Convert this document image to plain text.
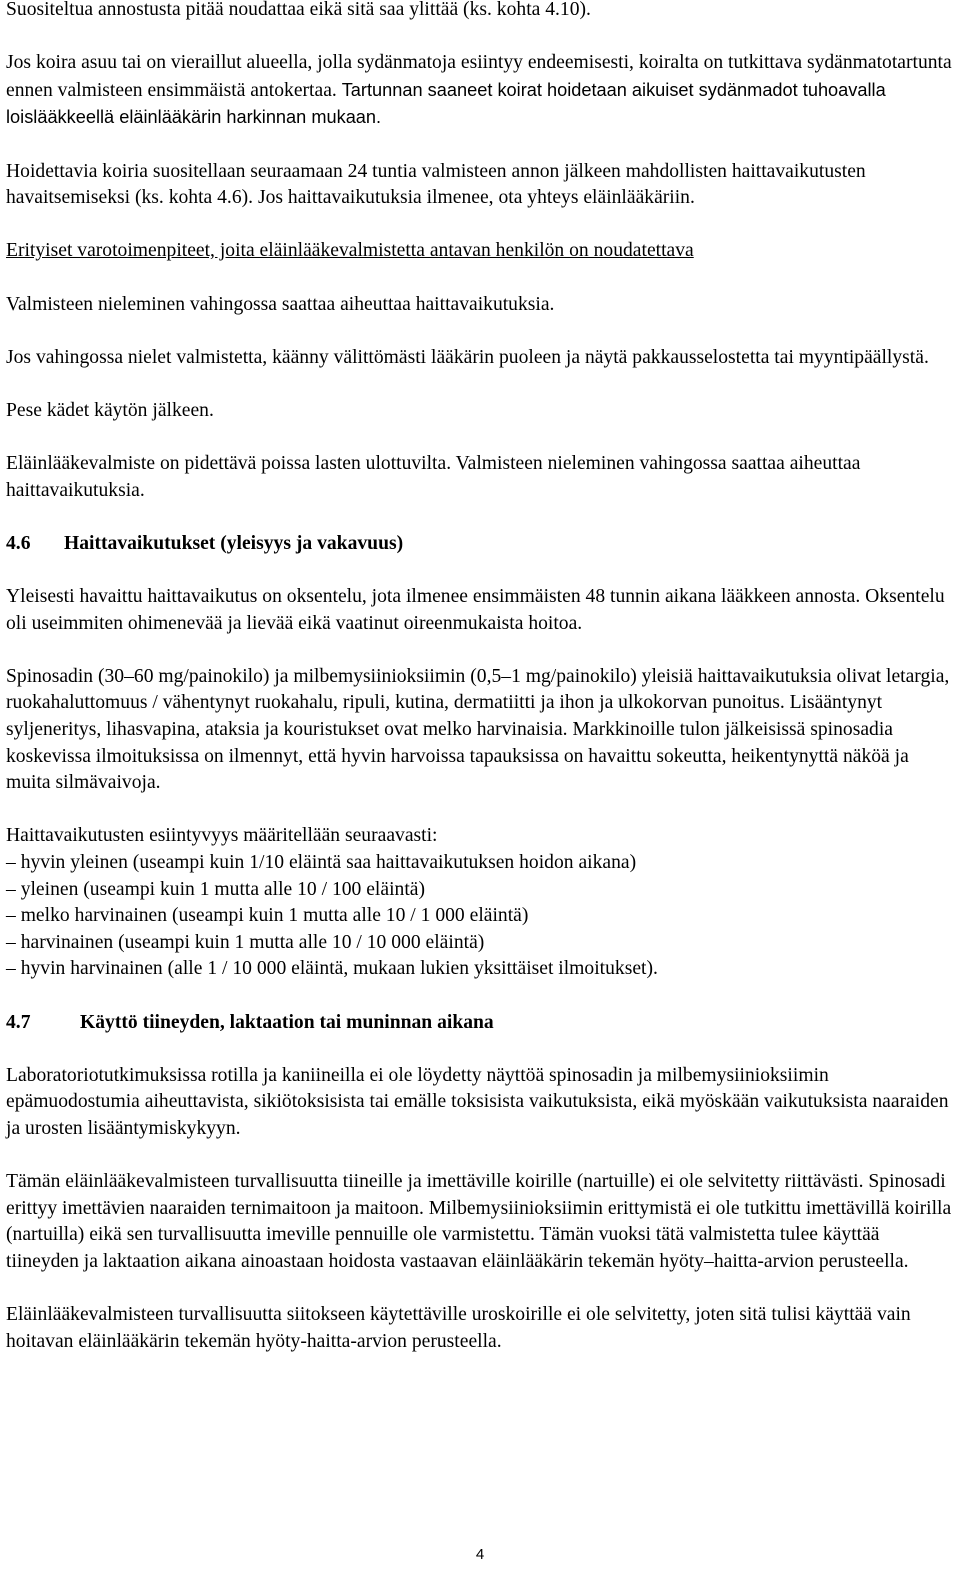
Suositeltua annostusta pitää noudattaa eikä sitä saa ylittää (ks. kohta 4.10).

Jos koira asuu tai on vieraillut alueella, jolla sydänmatoja esiintyy endeemisesti, koiralta on tutkittava sydänmatotartunta ennen valmisteen ensimmäistä antokertaa. Tartunnan saaneet koirat hoidetaan aikuiset sydänmadot tuhoavalla loislääkkeellä eläinlääkärin harkinnan mukaan.

Hoidettavia koiria suositellaan seuraamaan 24 tuntia valmisteen annon jälkeen mahdollisten haittavaikutusten havaitsemiseksi (ks. kohta 4.6). Jos haittavaikutuksia ilmenee, ota yhteys eläinlääkäriin.

Erityiset varotoimenpiteet, joita eläinlääkevalmistetta antavan henkilön on noudatettava

Valmisteen nieleminen vahingossa saattaa aiheuttaa haittavaikutuksia.

Jos vahingossa nielet valmistetta, käänny välittömästi lääkärin puoleen ja näytä pakkausselostetta tai myyntipäällystä.

Pese kädet käytön jälkeen.

Eläinlääkevalmiste on pidettävä poissa lasten ulottuvilta. Valmisteen nieleminen vahingossa saattaa aiheuttaa haittavaikutuksia.

4.6 Haittavaikutukset (yleisyys ja vakavuus)

Yleisesti havaittu haittavaikutus on oksentelu, jota ilmenee ensimmäisten 48 tunnin aikana lääkkeen annosta. Oksentelu oli useimmiten ohimenevää ja lievää eikä vaatinut oireenmukaista hoitoa.

Spinosadin (30–60 mg/painokilo) ja milbemysiinioksiimin (0,5–1 mg/painokilo) yleisiä haittavaikutuksia olivat letargia, ruokahaluttomuus / vähentynyt ruokahalu, ripuli, kutina, dermatiitti ja ihon ja ulkokorvan punoitus. Lisääntynyt syljeneritys, lihasvapina, ataksia ja kouristukset ovat melko harvinaisia. Markkinoille tulon jälkeisissä spinosadia koskevissa ilmoituksissa on ilmennyt, että hyvin harvoissa tapauksissa on havaittu sokeutta, heikentynyttä näköä ja muita silmävaivoja.

Haittavaikutusten esiintyvyys määritellään seuraavasti:
– hyvin yleinen (useampi kuin 1/10 eläintä saa haittavaikutuksen hoidon aikana)
– yleinen (useampi kuin 1 mutta alle 10 / 100 eläintä)
– melko harvinainen (useampi kuin 1 mutta alle 10 / 1 000 eläintä)
– harvinainen (useampi kuin 1 mutta alle 10 / 10 000 eläintä)
– hyvin harvinainen (alle 1 / 10 000 eläintä, mukaan lukien yksittäiset ilmoitukset).

4.7	Käyttö tiineyden, laktaation tai muninnan aikana

Laboratoriotutkimuksissa rotilla ja kaniineilla ei ole löydetty näyttöä spinosadin ja milbemysiinioksiimin epämuodostumia aiheuttavista, sikiötoksisista tai emälle toksisista vaikutuksista, eikä myöskään vaikutuksista naaraiden ja urosten lisääntymiskykyyn.

Tämän eläinlääkevalmisteen turvallisuutta tiineille ja imettäville koirille (nartuille) ei ole selvitetty riittävästi. Spinosadi erittyy imettävien naaraiden ternimaitoon ja maitoon. Milbemysiinioksiimin erittymistä ei ole tutkittu imettävillä koirilla (nartuilla) eikä sen turvallisuutta imeville pennuille ole varmistettu. Tämän vuoksi tätä valmistetta tulee käyttää tiineyden ja laktaation aikana ainoastaan hoidosta vastaavan eläinlääkärin tekemän hyöty–haitta-arvion perusteella.

Eläinlääkevalmisteen turvallisuutta siitokseen käytettäville uroskoirille ei ole selvitetty, joten sitä tulisi käyttää vain hoitavan eläinlääkärin tekemän hyöty-haitta-arvion perusteella.

4
